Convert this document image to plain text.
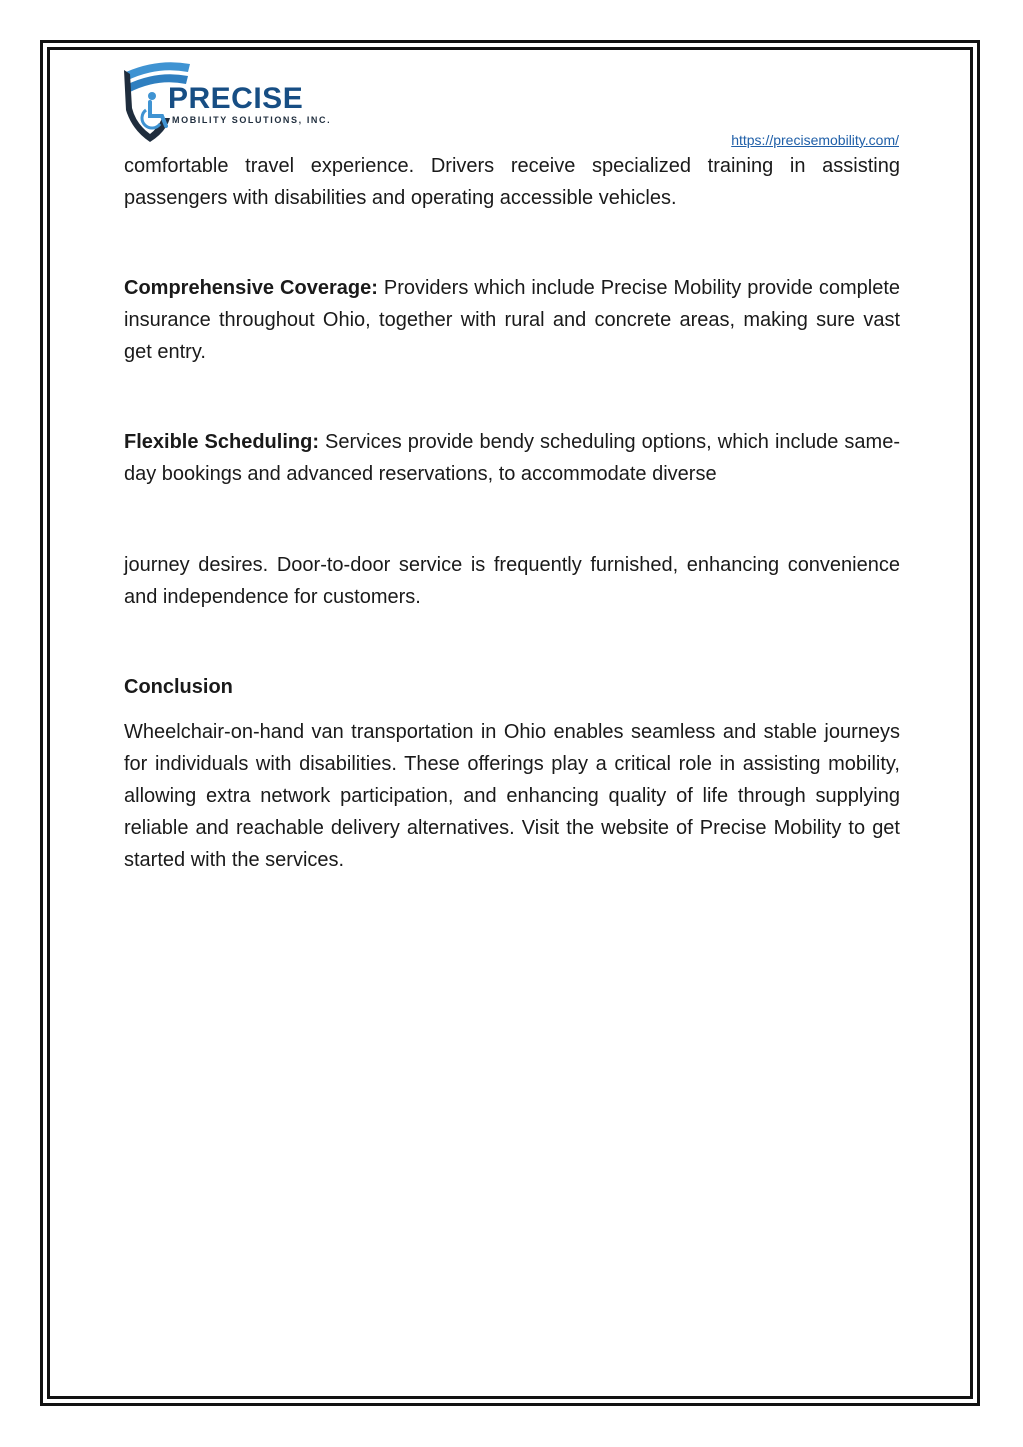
PRECISE
MOBILITY SOLUTIONS, INC.
https://precisemobility.com/

comfortable travel experience. Drivers receive specialized training in assisting passengers with disabilities and operating accessible vehicles.

Comprehensive Coverage: Providers which include Precise Mobility provide complete insurance throughout Ohio, together with rural and concrete areas, making sure vast get entry.

Flexible Scheduling: Services provide bendy scheduling options, which include same-day bookings and advanced reservations, to accommodate diverse

journey desires. Door-to-door service is frequently furnished, enhancing convenience and independence for customers.

Conclusion

Wheelchair-on-hand van transportation in Ohio enables seamless and stable journeys for individuals with disabilities. These offerings play a critical role in assisting mobility, allowing extra network participation, and enhancing quality of life through supplying reliable and reachable delivery alternatives. Visit the website of Precise Mobility to get started with the services.
